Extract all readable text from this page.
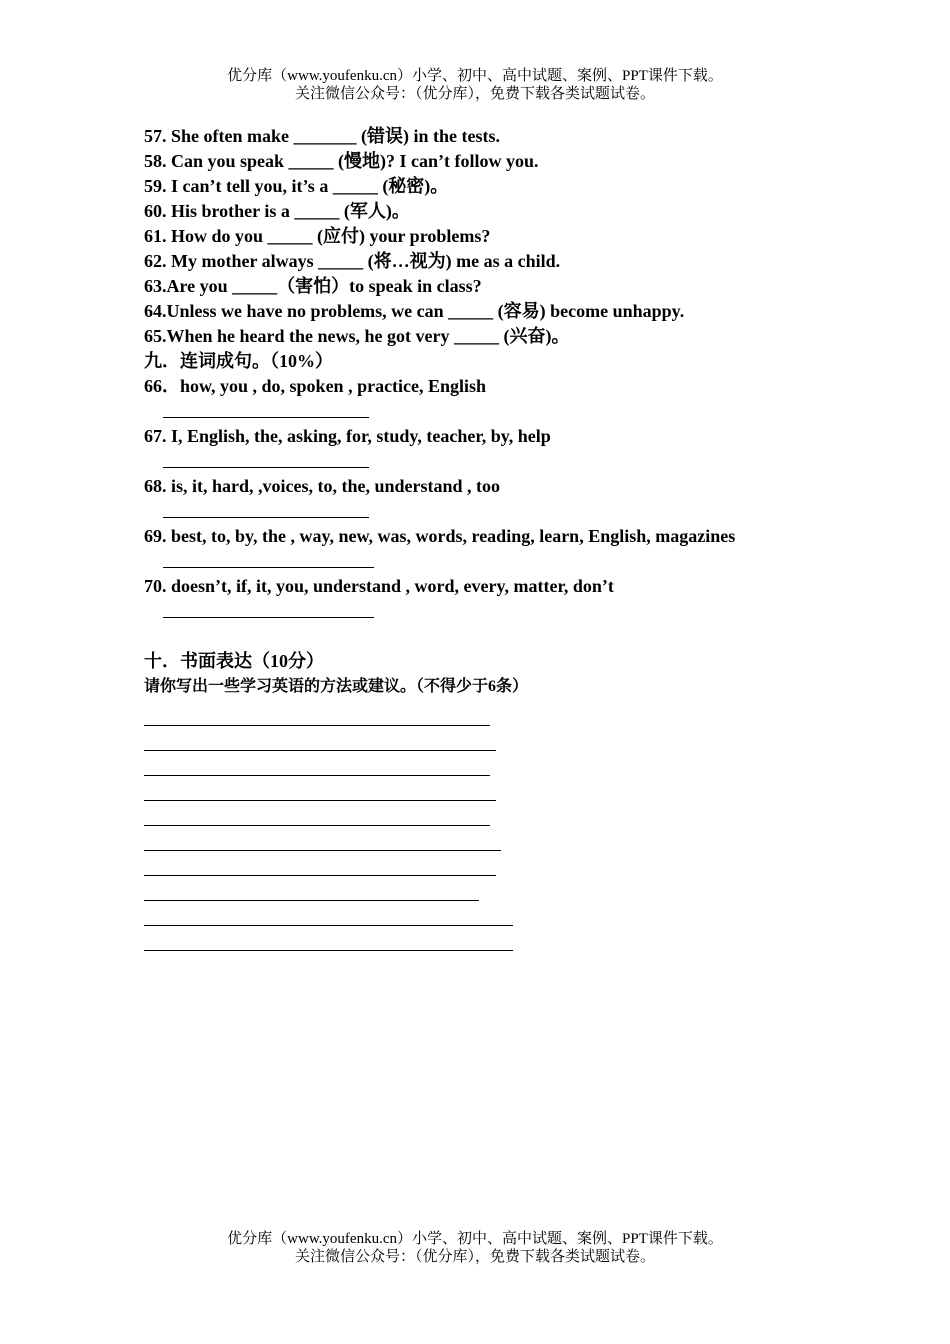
优分库（www.youfenku.cn）小学、初中、高中试题、案例、PPT课件下载。
关注微信公众号：（优分库），免费下载各类试题试卷。
57. She often make _______ (错误) in the tests.
58. Can you speak _____ (慢地)? I can’t follow you.
59. I can’t tell you, it’s a _____ (秘密)。
60. His brother is a _____ (军人)。
61. How do you _____ (应付) your problems?
62. My mother always _____ (将…视为) me as a child.
63.Are you _____（害怕）to speak in class?
64.Unless we have no problems, we can _____ (容易) become unhappy.
65.When he heard the news, he got very _____ (兴奋)。
九．连词成句。（10%）
66．how, you , do, spoken , practice, English
67. I, English, the, asking, for, study, teacher, by, help
68. is, it, hard, ,voices, to, the, understand , too
69. best, to, by, the , way, new, was, words, reading, learn, English, magazines
70. doesn’t, if, it, you, understand , word, every, matter, don’t
十．书面表达（10分）
请你写出一些学习英语的方法或建议。（不得少于6条）
优分库（www.youfenku.cn）小学、初中、高中试题、案例、PPT课件下载。
关注微信公众号：（优分库），免费下载各类试题试卷。
